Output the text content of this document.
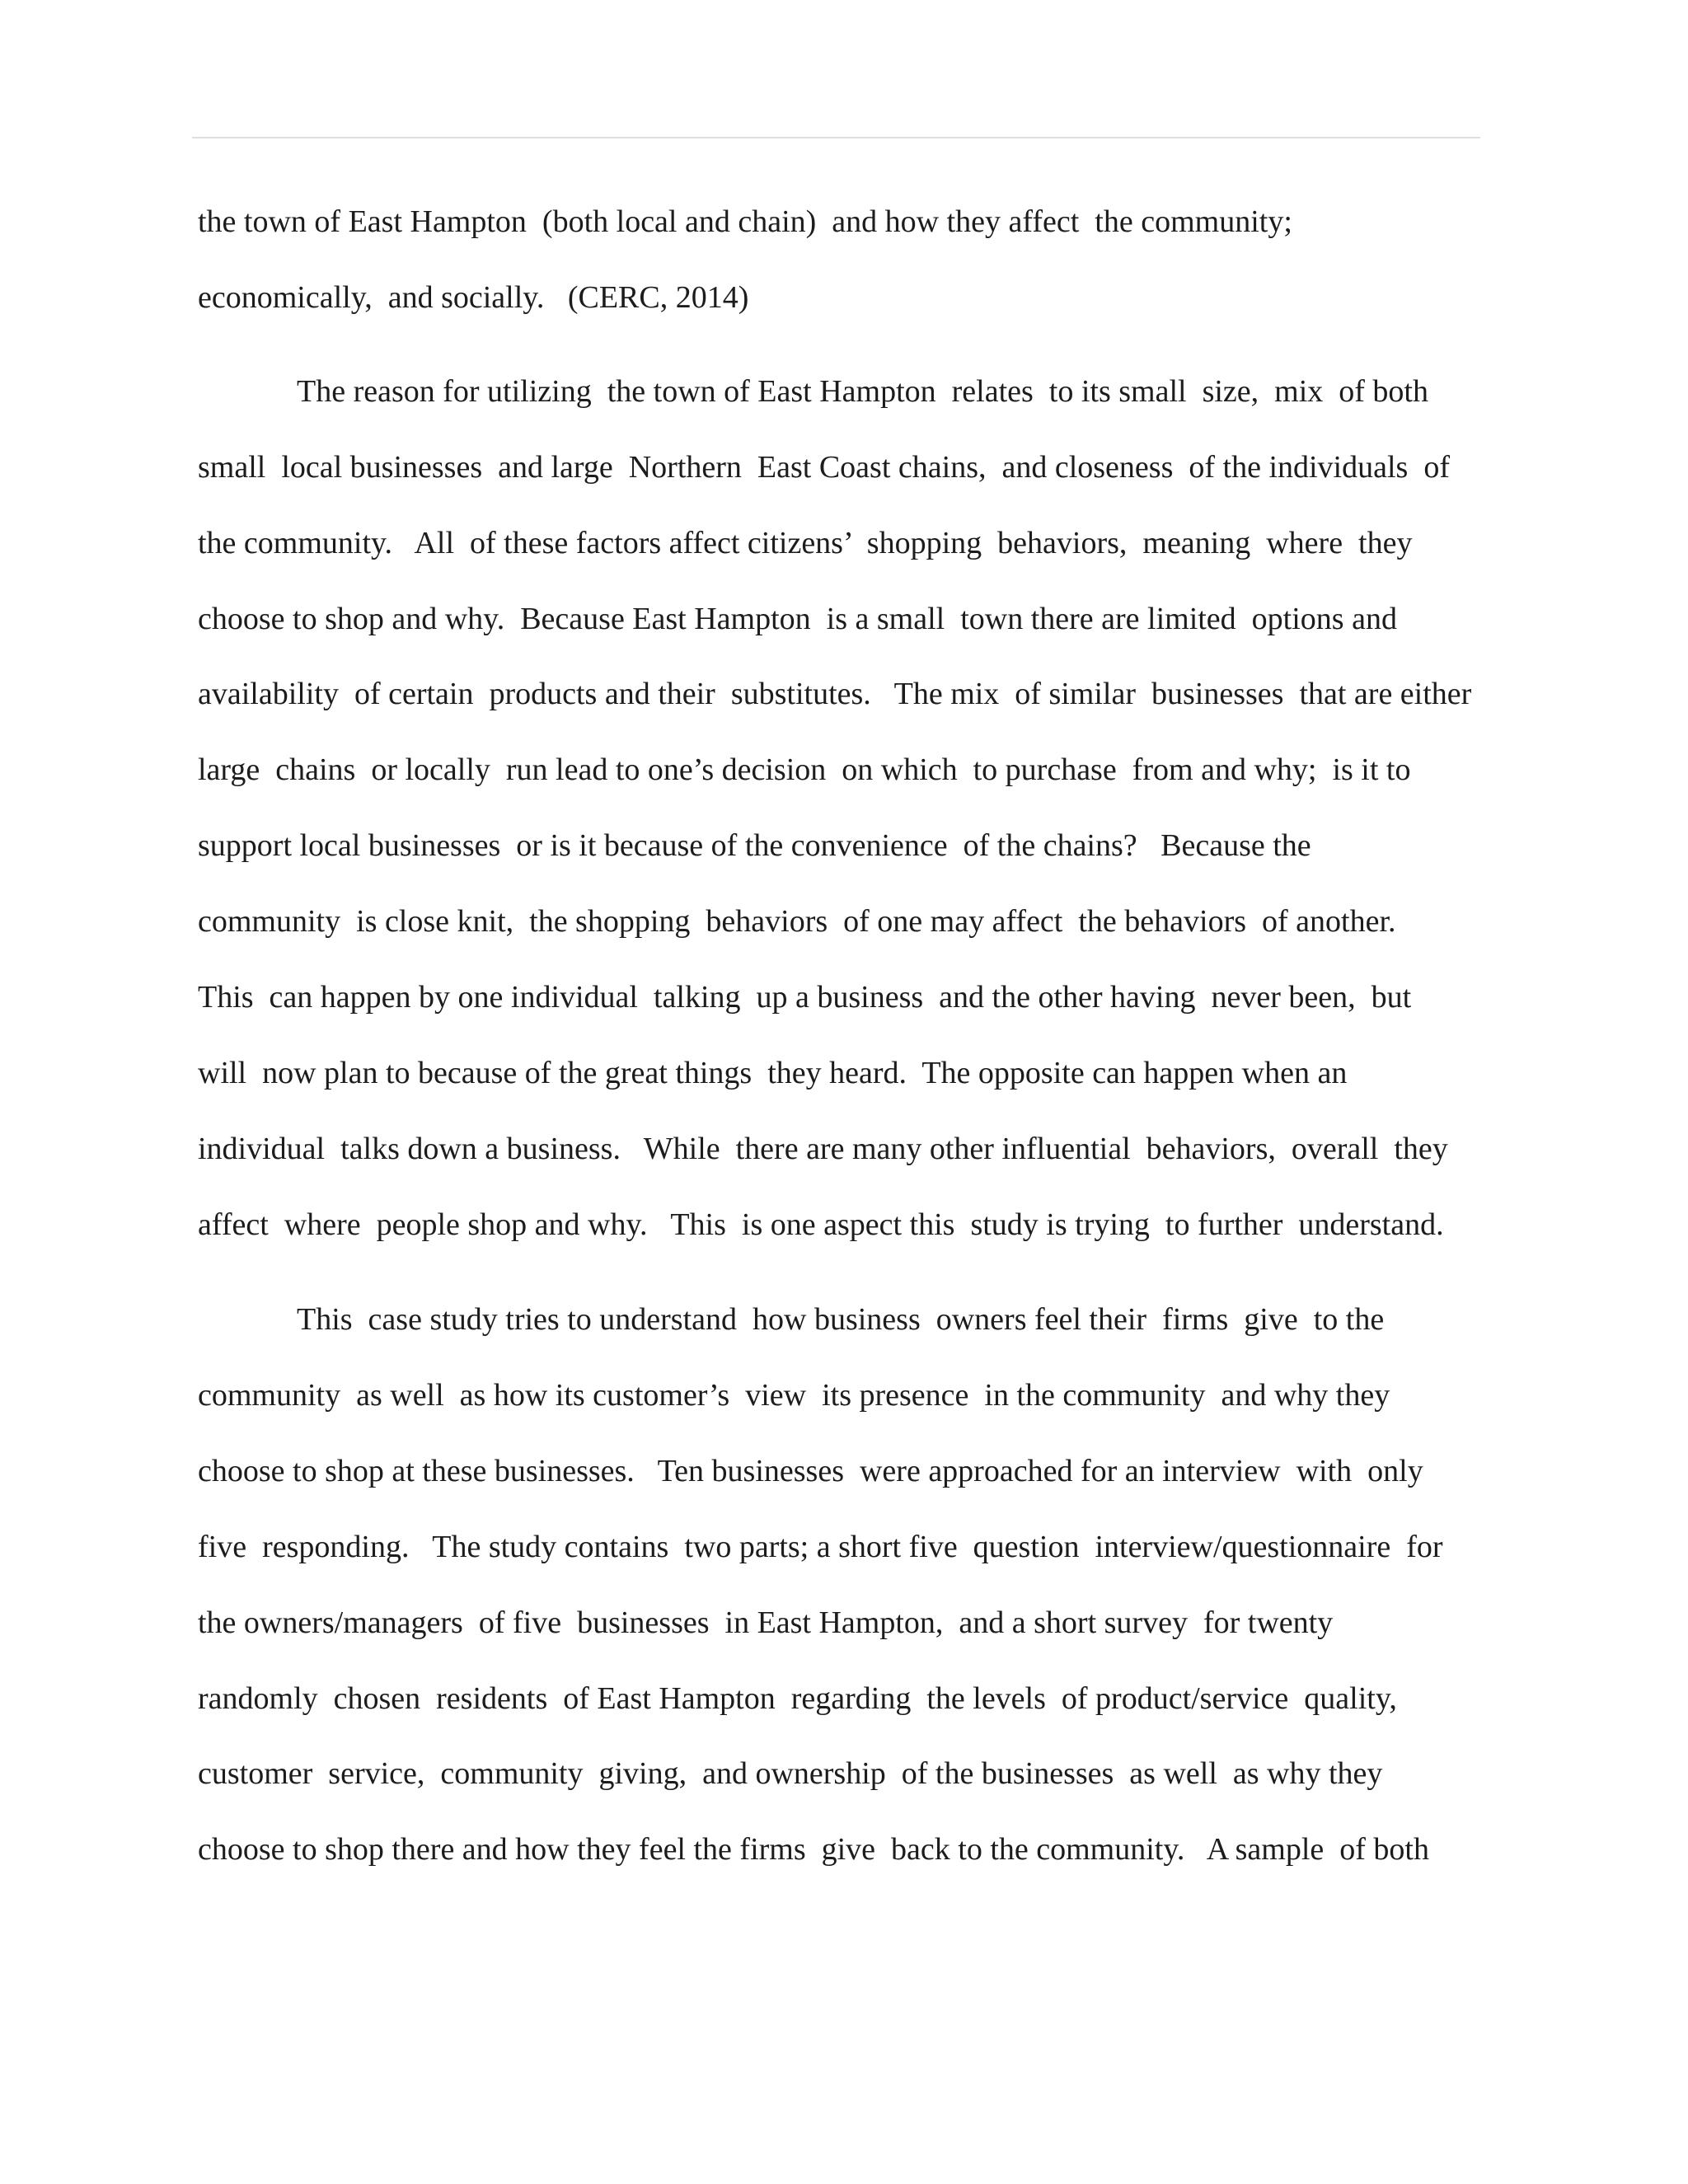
the town of East Hampton  (both local and chain)  and how they affect  the community;
economically,  and socially.   (CERC, 2014)
The reason for utilizing  the town of East Hampton  relates  to its small  size,  mix  of both
small  local businesses  and large  Northern  East Coast chains,  and closeness  of the individuals  of
the community.   All  of these factors affect citizens’  shopping  behaviors,  meaning  where  they
choose to shop and why.  Because East Hampton  is a small  town there are limited  options and
availability  of certain  products and their  substitutes.   The mix  of similar  businesses  that are either
large  chains  or locally  run lead to one’s decision  on which  to purchase  from and why;  is it to
support local businesses  or is it because of the convenience  of the chains?   Because the
community  is close knit,  the shopping  behaviors  of one may affect  the behaviors  of another.
This  can happen by one individual  talking  up a business  and the other having  never been,  but
will  now plan to because of the great things  they heard.  The opposite can happen when an
individual  talks down a business.   While  there are many other influential  behaviors,  overall  they
affect  where  people shop and why.   This  is one aspect this  study is trying  to further  understand.
This  case study tries to understand  how business  owners feel their  firms  give  to the
community  as well  as how its customer’s  view  its presence  in the community  and why they
choose to shop at these businesses.   Ten businesses  were approached for an interview  with  only
five  responding.   The study contains  two parts; a short five  question  interview/questionnaire  for
the owners/managers  of five  businesses  in East Hampton,  and a short survey  for twenty
randomly  chosen  residents  of East Hampton  regarding  the levels  of product/service  quality,
customer  service,  community  giving,  and ownership  of the businesses  as well  as why they
choose to shop there and how they feel the firms  give  back to the community.   A sample  of both
